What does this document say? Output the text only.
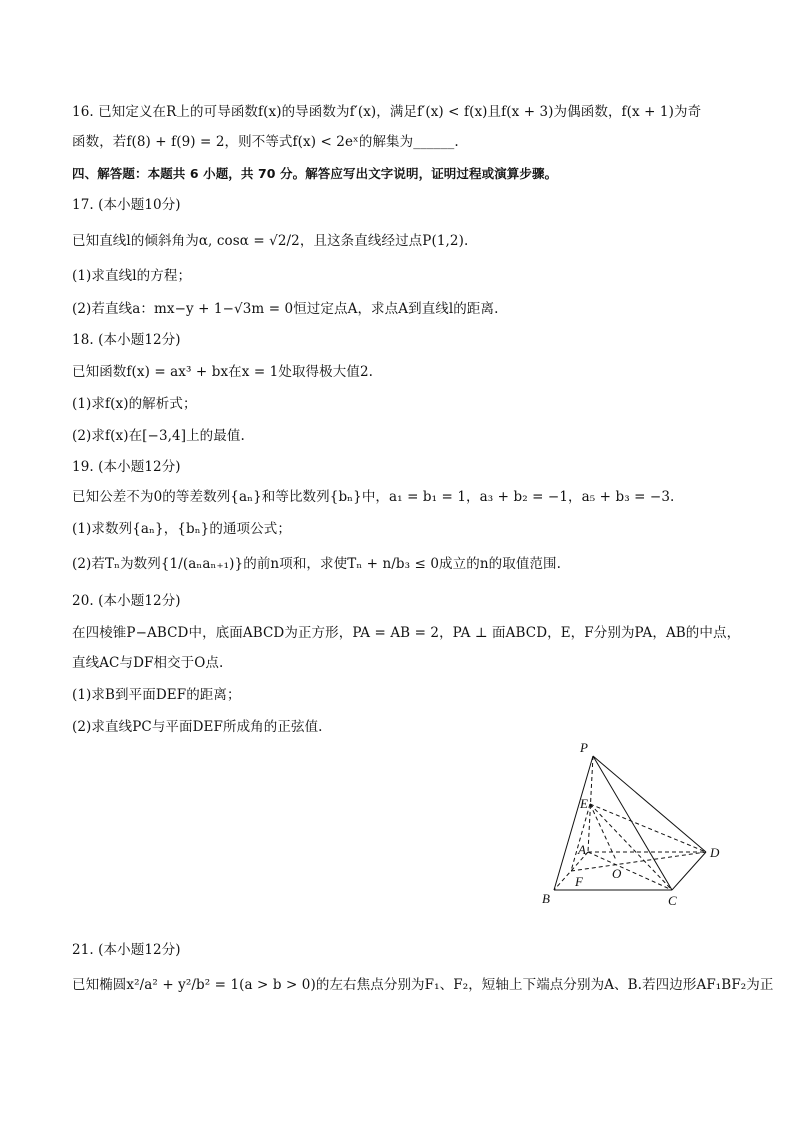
16. 已知定义在R上的可导函数f(x)的导函数为f′(x)，满足f′(x) < f(x)且f(x + 3)为偶函数，f(x + 1)为奇
函数，若f(8) + f(9) = 2，则不等式f(x) < 2eˣ的解集为______.
四、解答题：本题共 6 小题，共 70 分。解答应写出文字说明，证明过程或演算步骤。
17. (本小题10分)
已知直线l的倾斜角为α, cosα = √2/2，且这条直线经过点P(1,2).
(1)求直线l的方程；
(2)若直线a：mx−y + 1−√3m = 0恒过定点A，求点A到直线l的距离.
18. (本小题12分)
已知函数f(x) = ax³ + bx在x = 1处取得极大值2.
(1)求f(x)的解析式；
(2)求f(x)在[−3,4]上的最值.
19. (本小题12分)
已知公差不为0的等差数列{aₙ}和等比数列{bₙ}中，a₁ = b₁ = 1，a₃ + b₂ = −1，a₅ + b₃ = −3.
(1)求数列{aₙ}，{bₙ}的通项公式；
(2)若Tₙ为数列{1/(aₙaₙ₊₁)}的前n项和，求使Tₙ + n/b₃ ≤ 0成立的n的取值范围.
20. (本小题12分)
在四棱锥P−ABCD中，底面ABCD为正方形，PA = AB = 2，PA ⊥ 面ABCD，E，F分别为PA，AB的中点，
直线AC与DF相交于O点.
(1)求B到平面DEF的距离；
(2)求直线PC与平面DEF所成角的正弦值.
P
E
A
F
O
B	C
D
21. (本小题12分)
已知椭圆x²/a² + y²/b² = 1(a > b > 0)的左右焦点分别为F₁、F₂，短轴上下端点分别为A、B.若四边形AF₁BF₂为正
